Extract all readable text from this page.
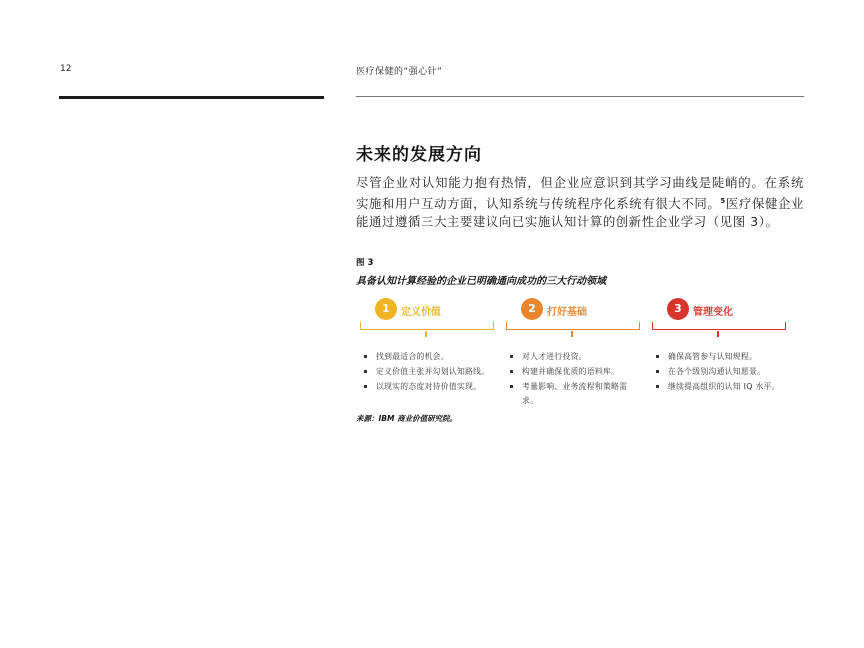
12	医疗保健的“强心针”
未来的发展方向
尽管企业对认知能力抱有热情，但企业应意识到其学习曲线是陡峭的。在系统实施和用户互动方面，认知系统与传统程序化系统有很大不同。$^5$医疗保健企业能通过遵循三大主要建议向已实施认知计算的创新性企业学习（见图 3）。
图 3
具备认知计算经验的企业已明确通向成功的三大行动领域
1	定义价值
找到最适合的机会。
定义价值主张并勾划认知路线。
以现实的态度对待价值实现。
2	打好基础
对人才进行投资。
构建并确保优质的语料库。
考量影响、业务流程和策略需求。
3	管理变化
确保高管参与认知规程。
在各个级别沟通认知愿景。
继续提高组织的认知 IQ 水平。
来源：IBM 商业价值研究院。
